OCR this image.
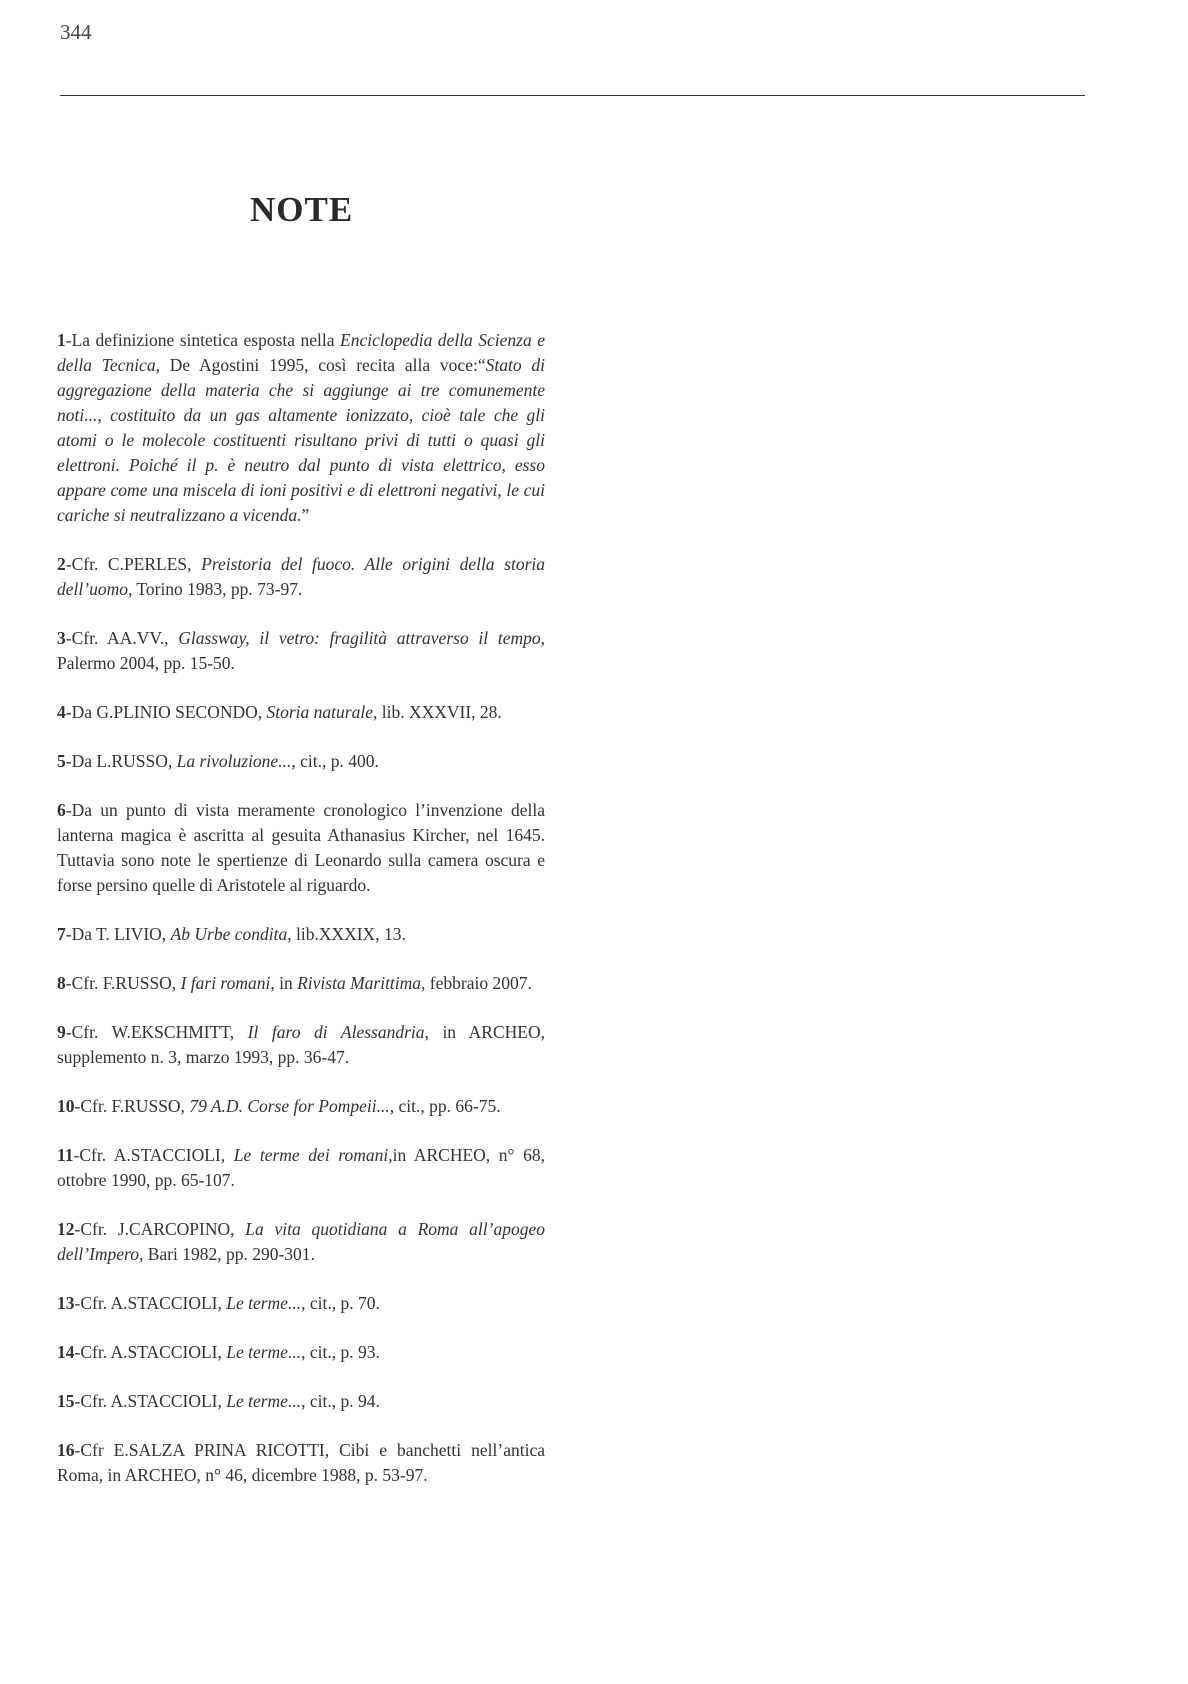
344
NOTE

1-La definizione sintetica esposta nella Enciclopedia della Scienza e della Tecnica, De Agostini 1995, così recita alla voce:“Stato di aggregazione della materia che si aggiunge ai tre comunemente noti..., costituito da un gas altamente ionizzato, cioè tale che gli atomi o le molecole costituenti risultano privi di tutti o quasi gli elettroni. Poiché il p. è neutro dal punto di vista elettrico, esso appare come una miscela di ioni positivi e di elettroni negativi, le cui cariche si neutralizzano a vicenda.”

2-Cfr. C.PERLES, Preistoria del fuoco. Alle origini della storia dell’uomo, Torino 1983, pp. 73-97.

3-Cfr. AA.VV., Glassway, il vetro: fragilità attraverso il tempo, Palermo 2004, pp. 15-50.

4-Da G.PLINIO SECONDO, Storia naturale, lib. XXXVII, 28.

5-Da L.RUSSO, La rivoluzione..., cit., p. 400.

6-Da un punto di vista meramente cronologico l’invenzione della lanterna magica è ascritta al gesuita Athanasius Kircher, nel 1645. Tuttavia sono note le spertienze di Leonardo sulla camera oscura e forse persino quelle di Aristotele al riguardo.

7-Da T. LIVIO, Ab Urbe condita, lib.XXXIX, 13.

8-Cfr. F.RUSSO, I fari romani, in Rivista Marittima, febbraio 2007.

9-Cfr. W.EKSCHMITT, Il faro di Alessandria, in ARCHEO, supplemento n. 3, marzo 1993, pp. 36-47.

10-Cfr. F.RUSSO, 79 A.D. Corse for Pompeii..., cit., pp. 66-75.

11-Cfr. A.STACCIOLI, Le terme dei romani,in ARCHEO, n° 68, ottobre 1990, pp. 65-107.

12-Cfr. J.CARCOPINO, La vita quotidiana a Roma all’apogeo dell’Impero, Bari 1982, pp. 290-301.

13-Cfr. A.STACCIOLI, Le terme..., cit., p. 70.

14-Cfr. A.STACCIOLI, Le terme..., cit., p. 93.

15-Cfr. A.STACCIOLI, Le terme..., cit., p. 94.

16-Cfr E.SALZA PRINA RICOTTI, Cibi e banchetti nell’antica Roma, in ARCHEO, n° 46, dicembre 1988, p. 53-97.
